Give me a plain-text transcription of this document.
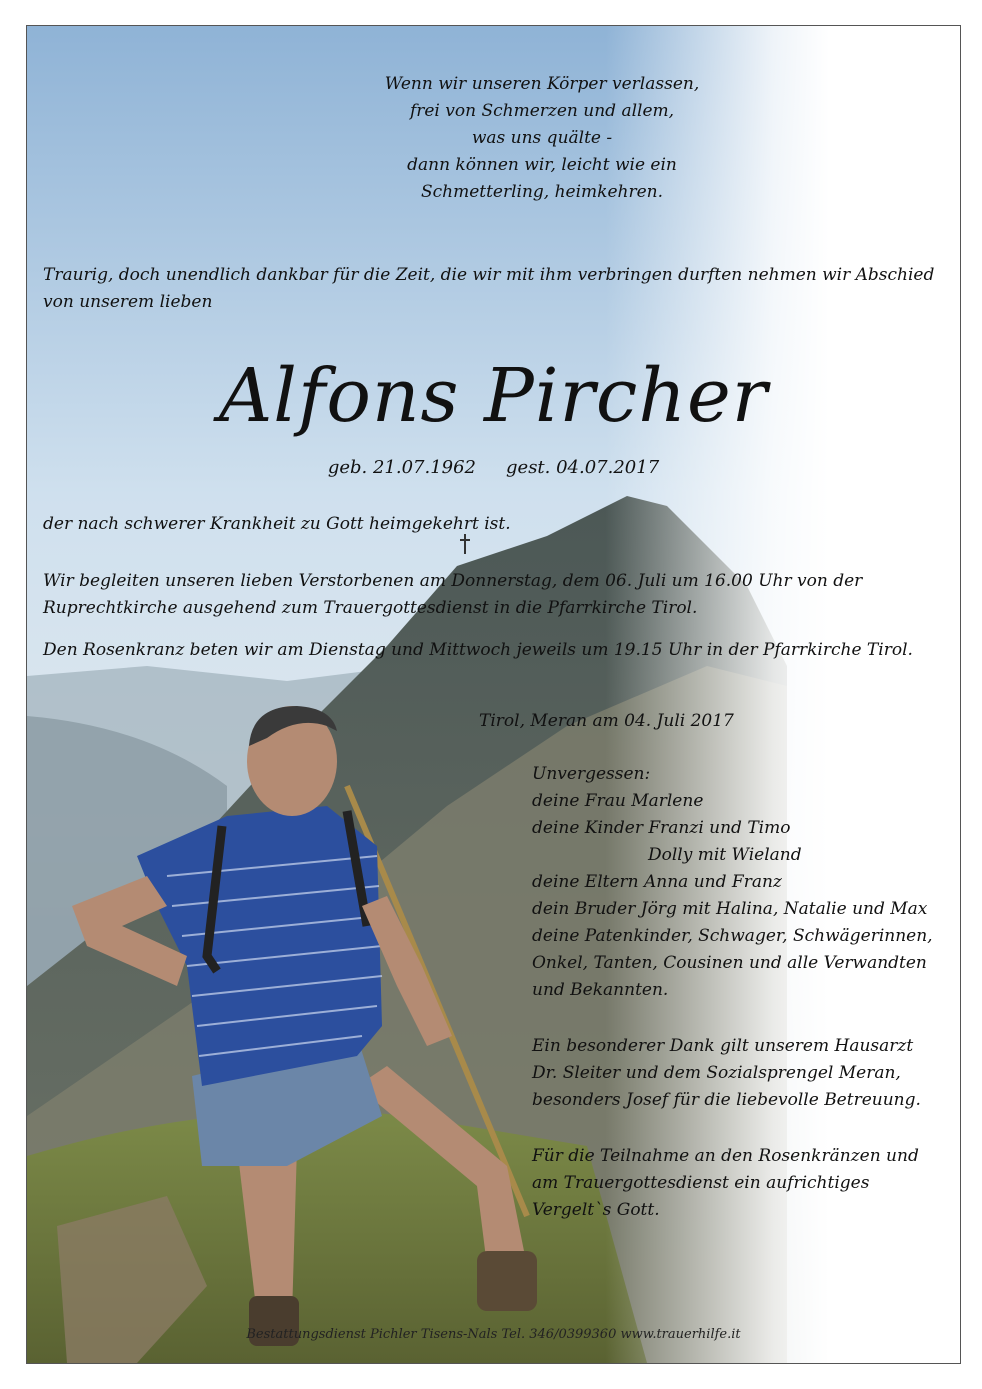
Wenn wir unseren Körper verlassen,
frei von Schmerzen und allem,
was uns quälte -
dann können wir, leicht wie ein
Schmetterling, heimkehren.

Traurig, doch unendlich dankbar für die Zeit, die wir mit ihm verbringen durften nehmen wir Abschied von unserem lieben

Alfons Pircher
geb. 21.07.1962 gest. 04.07.2017

der nach schwerer Krankheit zu Gott heimgekehrt ist.

Wir begleiten unseren lieben Verstorbenen am Donnerstag, dem 06. Juli um 16.00 Uhr von der Ruprechtkirche ausgehend zum Trauergottesdienst in die Pfarrkirche Tirol.

Den Rosenkranz beten wir am Dienstag und Mittwoch jeweils um 19.15 Uhr in der Pfarrkirche Tirol.

Tirol, Meran am 04. Juli 2017

Unvergessen:
deine Frau Marlene
deine Kinder Franzi und Timo
Dolly mit Wieland
deine Eltern Anna und Franz
dein Bruder Jörg mit Halina, Natalie und Max
deine Patenkinder, Schwager, Schwägerinnen,
Onkel, Tanten, Cousinen und alle Verwandten
und Bekannten.
Ein besonderer Dank gilt unserem Hausarzt
Dr. Sleiter und dem Sozialsprengel Meran,
besonders Josef für die liebevolle Betreuung.
Für die Teilnahme an den Rosenkränzen und
am Trauergottesdienst ein aufrichtiges
Vergelt`s Gott.
Bestattungsdienst Pichler Tisens-Nals Tel. 346/0399360 www.trauerhilfe.it
